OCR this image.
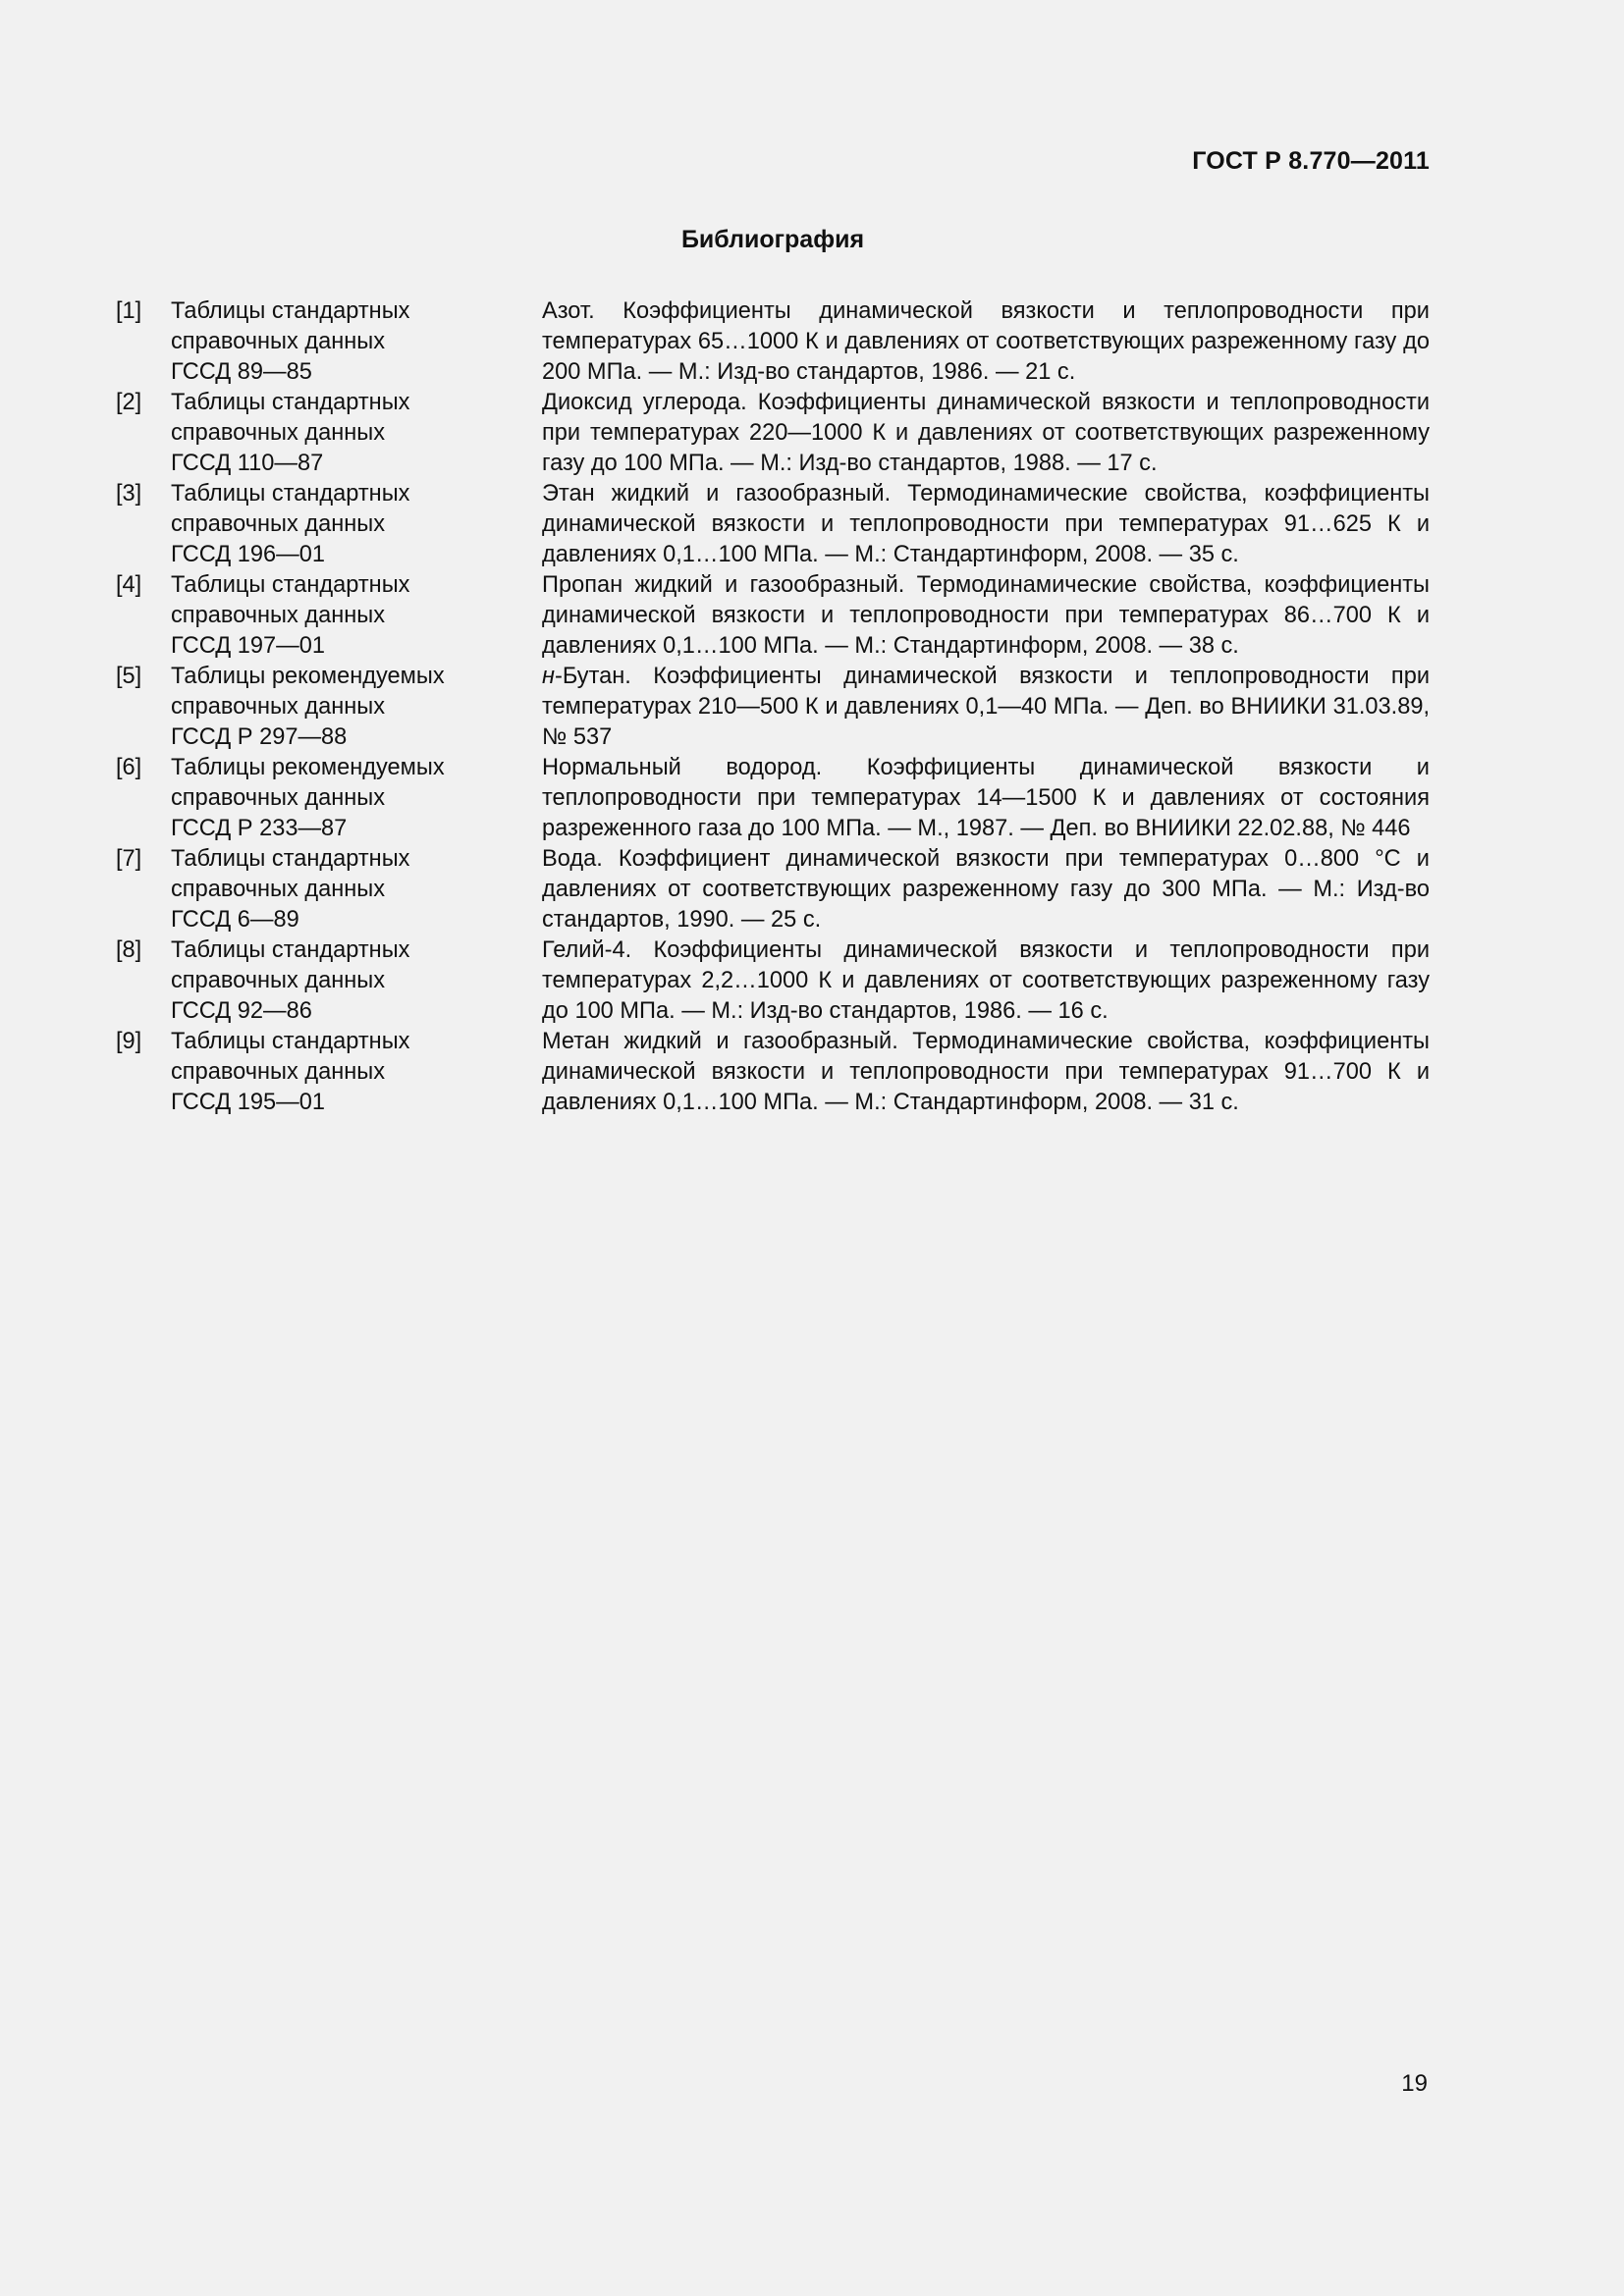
ГОСТ Р 8.770—2011
Библиография
[1]	Таблицы стандартных
справочных данных
ГССД 89—85	Азот. Коэффициенты динамической вязкости и теплопроводности при температурах 65…1000 К и давлениях от соответствующих разреженному газу до 200 МПа. — М.: Изд-во стандартов, 1986. — 21 с.
[2]	Таблицы стандартных
справочных данных
ГССД 110—87	Диоксид углерода. Коэффициенты динамической вязкости и теплопроводности при температурах 220—1000 К и давлениях от соответствующих разреженному газу до 100 МПа. — М.: Изд-во стандартов, 1988. — 17 с.
[3]	Таблицы стандартных
справочных данных
ГССД 196—01	Этан жидкий и газообразный. Термодинамические свойства, коэффициенты динамической вязкости и теплопроводности при температурах 91…625 К и давлениях 0,1…100 МПа. — М.: Стандартинформ, 2008. — 35 с.
[4]	Таблицы стандартных
справочных данных
ГССД 197—01	Пропан жидкий и газообразный. Термодинамические свойства, коэффициенты динамической вязкости и теплопроводности при температурах 86…700 К и давлениях 0,1…100 МПа. — М.: Стандартинформ, 2008. — 38 с.
[5]	Таблицы рекомендуемых
справочных данных
ГССД Р 297—88	н-Бутан. Коэффициенты динамической вязкости и теплопроводности при температурах 210—500 К и давлениях 0,1—40 МПа. — Деп. во ВНИИКИ 31.03.89, № 537
[6]	Таблицы рекомендуемых
справочных данных
ГССД Р 233—87	Нормальный водород. Коэффициенты динамической вязкости и теплопроводности при температурах 14—1500 К и давлениях от состояния разреженного газа до 100 МПа. — М., 1987. — Деп. во ВНИИКИ 22.02.88, № 446
[7]	Таблицы стандартных
справочных данных
ГССД 6—89	Вода. Коэффициент динамической вязкости при температурах 0…800 °С и давлениях от соответствующих разреженному газу до 300 МПа. — М.: Изд-во стандартов, 1990. — 25 с.
[8]	Таблицы стандартных
справочных данных
ГССД 92—86	Гелий-4. Коэффициенты динамической вязкости и теплопроводности при температурах 2,2…1000 К и давлениях от соответствующих разреженному газу до 100 МПа. — М.: Изд-во стандартов, 1986. — 16 с.
[9]	Таблицы стандартных
справочных данных
ГССД 195—01	Метан жидкий и газообразный. Термодинамические свойства, коэффициенты динамической вязкости и теплопроводности при температурах 91…700 К и давлениях 0,1…100 МПа. — М.: Стандартинформ, 2008. — 31 с.
19
